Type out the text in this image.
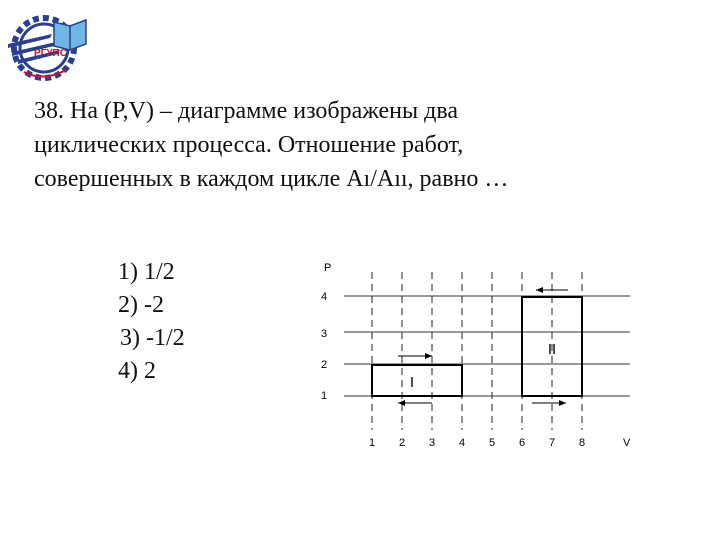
РГУПС
38. На (P,V) – диаграмме изображены два
циклических процесса. Отношение работ,
совершенных в каждом цикле Aı/Aıı, равно …
1) 1/2
2) -2
3) -1/2
4) 2	I
II
P
4
3
2
1
1 2 3 4 5 6 7 8	V
